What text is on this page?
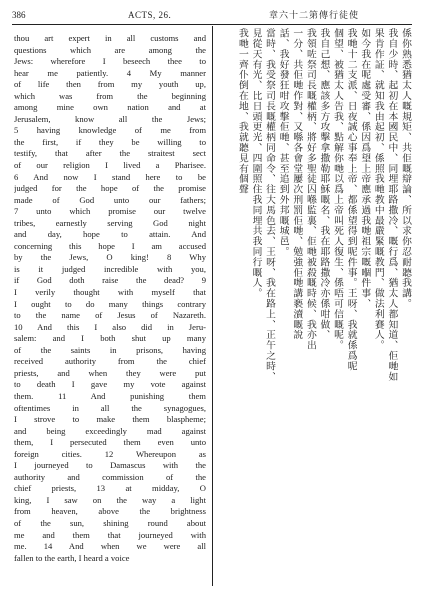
386	ACTS, 26.	章六十二第傳行徒使
thou art expert in all customs and
questions which are among the
Jews: wherefore I beseech thee to
hear me patiently. 4 My manner
of life then from my youth up,
which was from the beginning
among mine own nation and at
Jerusalem, know all the Jews;
5 having knowledge of me from
the first, if they be willing to
testify, that after the straitest sect
of our religion I lived a Pharisee.
6 And now I stand here to be
judged for the hope of the promise
made of God unto our fathers;
7 unto which promise our twelve
tribes, earnestly serving God night
and day, hope to attain. And
concerning this hope I am accused
by the Jews, O king! 8 Why
is it judged incredible with you,
if God doth raise the dead? 9
I verily thought with myself that
I ought to do many things contrary
to the name of Jesus of Nazareth.
10 And this I also did in Jeru-
salem: and I both shut up many
of the saints in prisons, having
received authority from the chief
priests, and when they were put
to death I gave my vote against
them. 11 And punishing them
oftentimes in all the synagogues,
I strove to make them blaspheme;
and being exceedingly mad against
them, I persecuted them even unto
foreign cities. 12 Whereupon as
I journeyed to Damascus with the
authority and commission of the
chief priests, 13 at midday, O
king, I saw on the way a light
from heaven, above the brightness
of the sun, shining round about
me and them that journeyed with
me. 14 And when we were all
fallen to the earth, I heard a voice
係你熟悉猶太人嘅規矩、共佢嘅辯論、所以求你忍耐聽我講。
我自少時、起初在本國民中、同埋耶路撒冷、嘅行爲、猶太人都知道、佢哋如
果肯作証、就知我由起初、係照我哋教中最嚴緊嘅教門、做法利賽人。
如今我在呢處受審、係因爲望上帝應承過我哋祖宗嘅嗰件事、
我哋十二支派、日夜誠心事奉上帝、都係望得到呢件事。王呀、我就係爲呢
個望、被猶太人告我、點解你哋以爲上帝叫死人復生、係唔可信嘅呢。
我自己想、應該多方攻擊拿撒勒耶穌嘅名、我在耶路撒冷亦係咁做、
我領咗祭司長嘅權柄、將好多聖徒囚喺監裏、佢哋被殺嘅時候、我亦出
一分、共佢哋作對、又喺各會堂屢次刑罰佢哋、勉強佢哋講褻瀆嘅說
話、我好發狂咁攻擊佢哋、甚至追到外邦嘅城邑。
當時、我受祭司長嘅權柄同命令、往大馬色去、王呀、我在路上、正午之時、
見從天有光、比日頭更光、四圍照住我同埋共我同行嘅人。
我哋一齊仆倒在地、我就聽見有個聲
